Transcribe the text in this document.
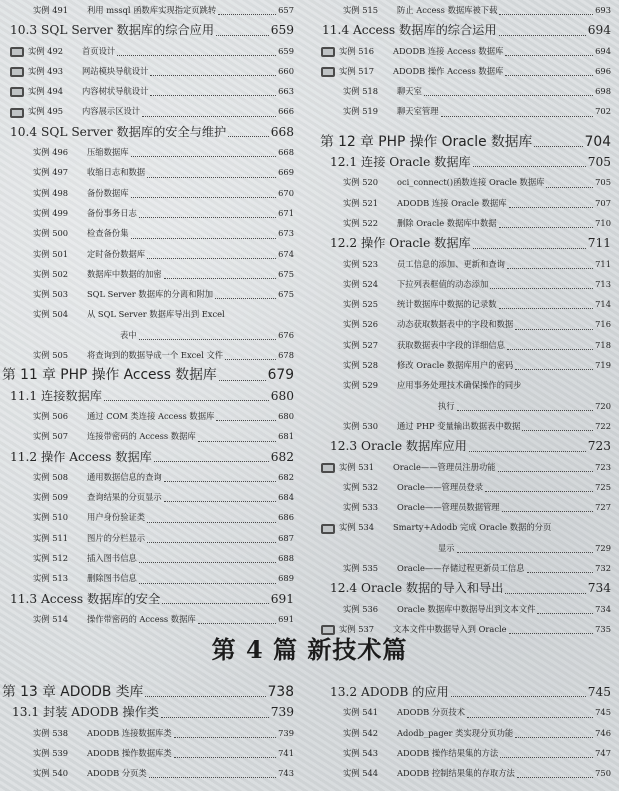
实例 491	利用 mssql 函数库实现指定页跳转	657
10.3 SQL Server 数据库的综合应用	659
实例 492	首页设计	659
实例 493	网站模块导航设计	660
实例 494	内容树状导航设计	663
实例 495	内容展示区设计	666
10.4 SQL Server 数据库的安全与维护	668
实例 496	压缩数据库	668
实例 497	收缩日志和数据	669
实例 498	备份数据库	670
实例 499	备份事务日志	671
实例 500	检查备份集	673
实例 501	定时备份数据库	674
实例 502	数据库中数据的加密	675
实例 503	SQL Server 数据库的分离和附加	675
实例 504	从 SQL Server 数据库导出到 Excel
表中	676
实例 505	将查询到的数据导成一个 Excel 文件	678
第 11 章 PHP 操作 Access 数据库	679
11.1 连接数据库	680
实例 506	通过 COM 类连接 Access 数据库	680
实例 507	连接带密码的 Access 数据库	681
11.2 操作 Access 数据库	682
实例 508	通用数据信息的查询	682
实例 509	查询结果的分页显示	684
实例 510	用户身份验证类	686
实例 511	图片的分栏显示	687
实例 512	插入图书信息	688
实例 513	删除图书信息	689
11.3 Access 数据库的安全	691
实例 514	操作带密码的 Access 数据库	691
实例 515	防止 Access 数据库被下载	693
11.4 Access 数据库的综合运用	694
实例 516	ADODB 连接 Access 数据库	694
实例 517	ADODB 操作 Access 数据库	696
实例 518	聊天室	698
实例 519	聊天室管理	702
第 12 章 PHP 操作 Oracle 数据库	704
12.1 连接 Oracle 数据库	705
实例 520	oci_connect()函数连接 Oracle 数据库	705
实例 521	ADODB 连接 Oracle 数据库	707
实例 522	删除 Oracle 数据库中数据	710
12.2 操作 Oracle 数据库	711
实例 523	员工信息的添加、更新和查询	711
实例 524	下拉列表框值的动态添加	713
实例 525	统计数据库中数据的记录数	714
实例 526	动态获取数据表中的字段和数据	716
实例 527	获取数据表中字段的详细信息	718
实例 528	修改 Oracle 数据库用户的密码	719
实例 529	应用事务处理技术确保操作的同步
执行	720
实例 530	通过 PHP 变量输出数据表中数据	722
12.3 Oracle 数据库应用	723
实例 531	Oracle——管理员注册功能	723
实例 532	Oracle——管理员登录	725
实例 533	Oracle——管理员数据管理	727
实例 534	Smarty+Adodb 完成 Oracle 数据的分页
显示	729
实例 535	Oracle——存储过程更新员工信息	732
12.4 Oracle 数据的导入和导出	734
实例 536	Oracle 数据库中数据导出到文本文件	734
实例 537	文本文件中数据导入到 Oracle	735
第 4 篇 新技术篇
第 13 章 ADODB 类库	738
13.1 封装 ADODB 操作类	739
实例 538	ADODB 连接数据库类	739
实例 539	ADODB 操作数据库类	741
实例 540	ADODB 分页类	743
13.2 ADODB 的应用	745
实例 541	ADODB 分页技术	745
实例 542	Adodb_pager 类实现分页功能	746
实例 543	ADODB 操作结果集的方法	747
实例 544	ADODB 控制结果集的存取方法	750
